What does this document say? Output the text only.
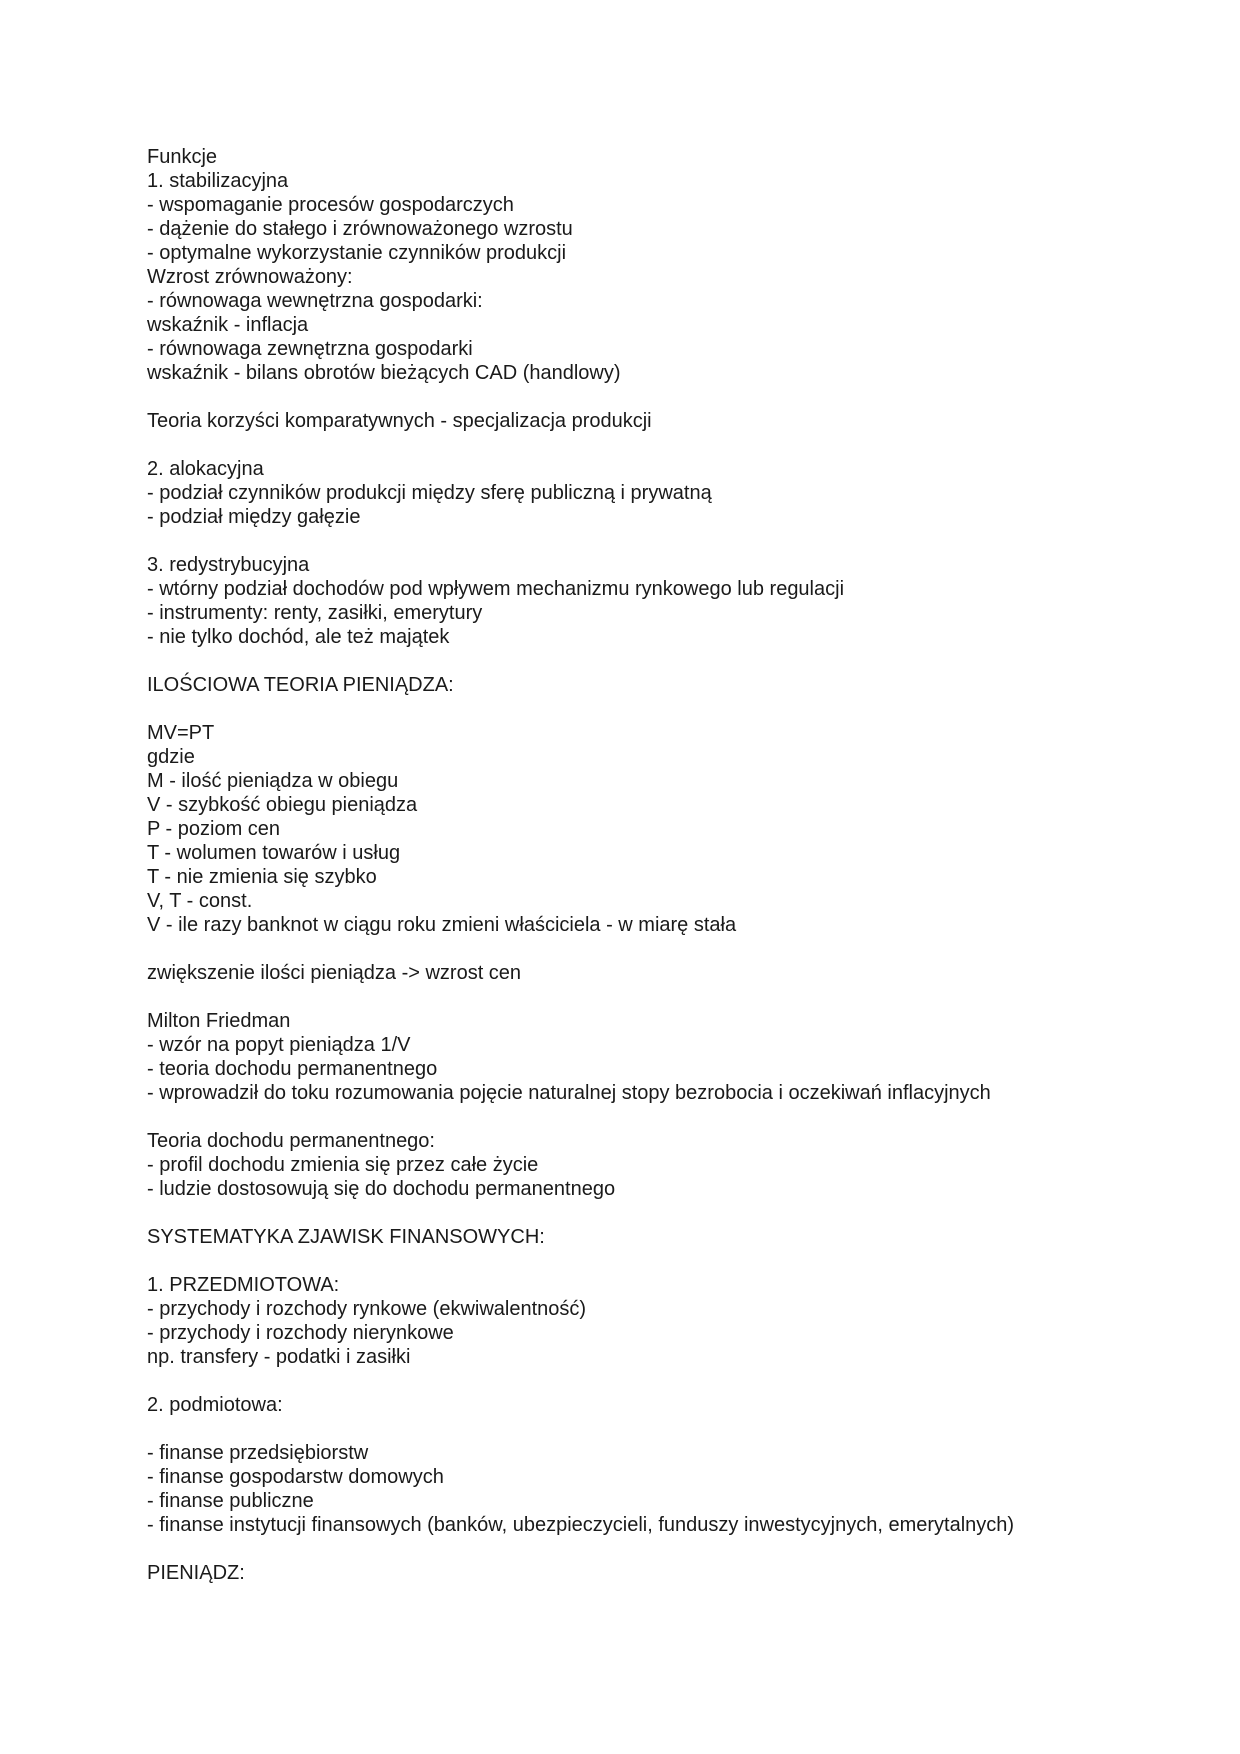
Funkcje
1. stabilizacyjna
- wspomaganie procesów gospodarczych
- dążenie do stałego i zrównoważonego wzrostu
- optymalne wykorzystanie czynników produkcji
Wzrost zrównoważony:
- równowaga wewnętrzna gospodarki:
wskaźnik - inflacja
- równowaga zewnętrzna gospodarki
wskaźnik - bilans obrotów bieżących CAD (handlowy)
Teoria korzyści komparatywnych - specjalizacja produkcji
2. alokacyjna
- podział czynników produkcji między sferę publiczną i prywatną
- podział między gałęzie
3. redystrybucyjna
- wtórny podział dochodów pod wpływem mechanizmu rynkowego lub regulacji
- instrumenty: renty, zasiłki, emerytury
- nie tylko dochód, ale też majątek
ILOŚCIOWA TEORIA PIENIĄDZA:
MV=PT
gdzie
M - ilość pieniądza w obiegu
V - szybkość obiegu pieniądza
P - poziom cen
T - wolumen towarów i usług
T - nie zmienia się szybko
V, T - const.
V - ile razy banknot w ciągu roku zmieni właściciela - w miarę stała
zwiększenie ilości pieniądza -> wzrost cen
Milton Friedman
- wzór na popyt pieniądza 1/V
- teoria dochodu permanentnego
- wprowadził do toku rozumowania pojęcie naturalnej stopy bezrobocia i oczekiwań inflacyjnych
Teoria dochodu permanentnego:
- profil dochodu zmienia się przez całe życie
- ludzie dostosowują się do dochodu permanentnego
SYSTEMATYKA ZJAWISK FINANSOWYCH:
1. PRZEDMIOTOWA:
- przychody i rozchody rynkowe (ekwiwalentność)
- przychody i rozchody nierynkowe
np. transfery - podatki i zasiłki
2. podmiotowa:
- finanse przedsiębiorstw
- finanse gospodarstw domowych
- finanse publiczne
- finanse instytucji finansowych (banków, ubezpieczycieli, funduszy inwestycyjnych, emerytalnych)
PIENIĄDZ:
